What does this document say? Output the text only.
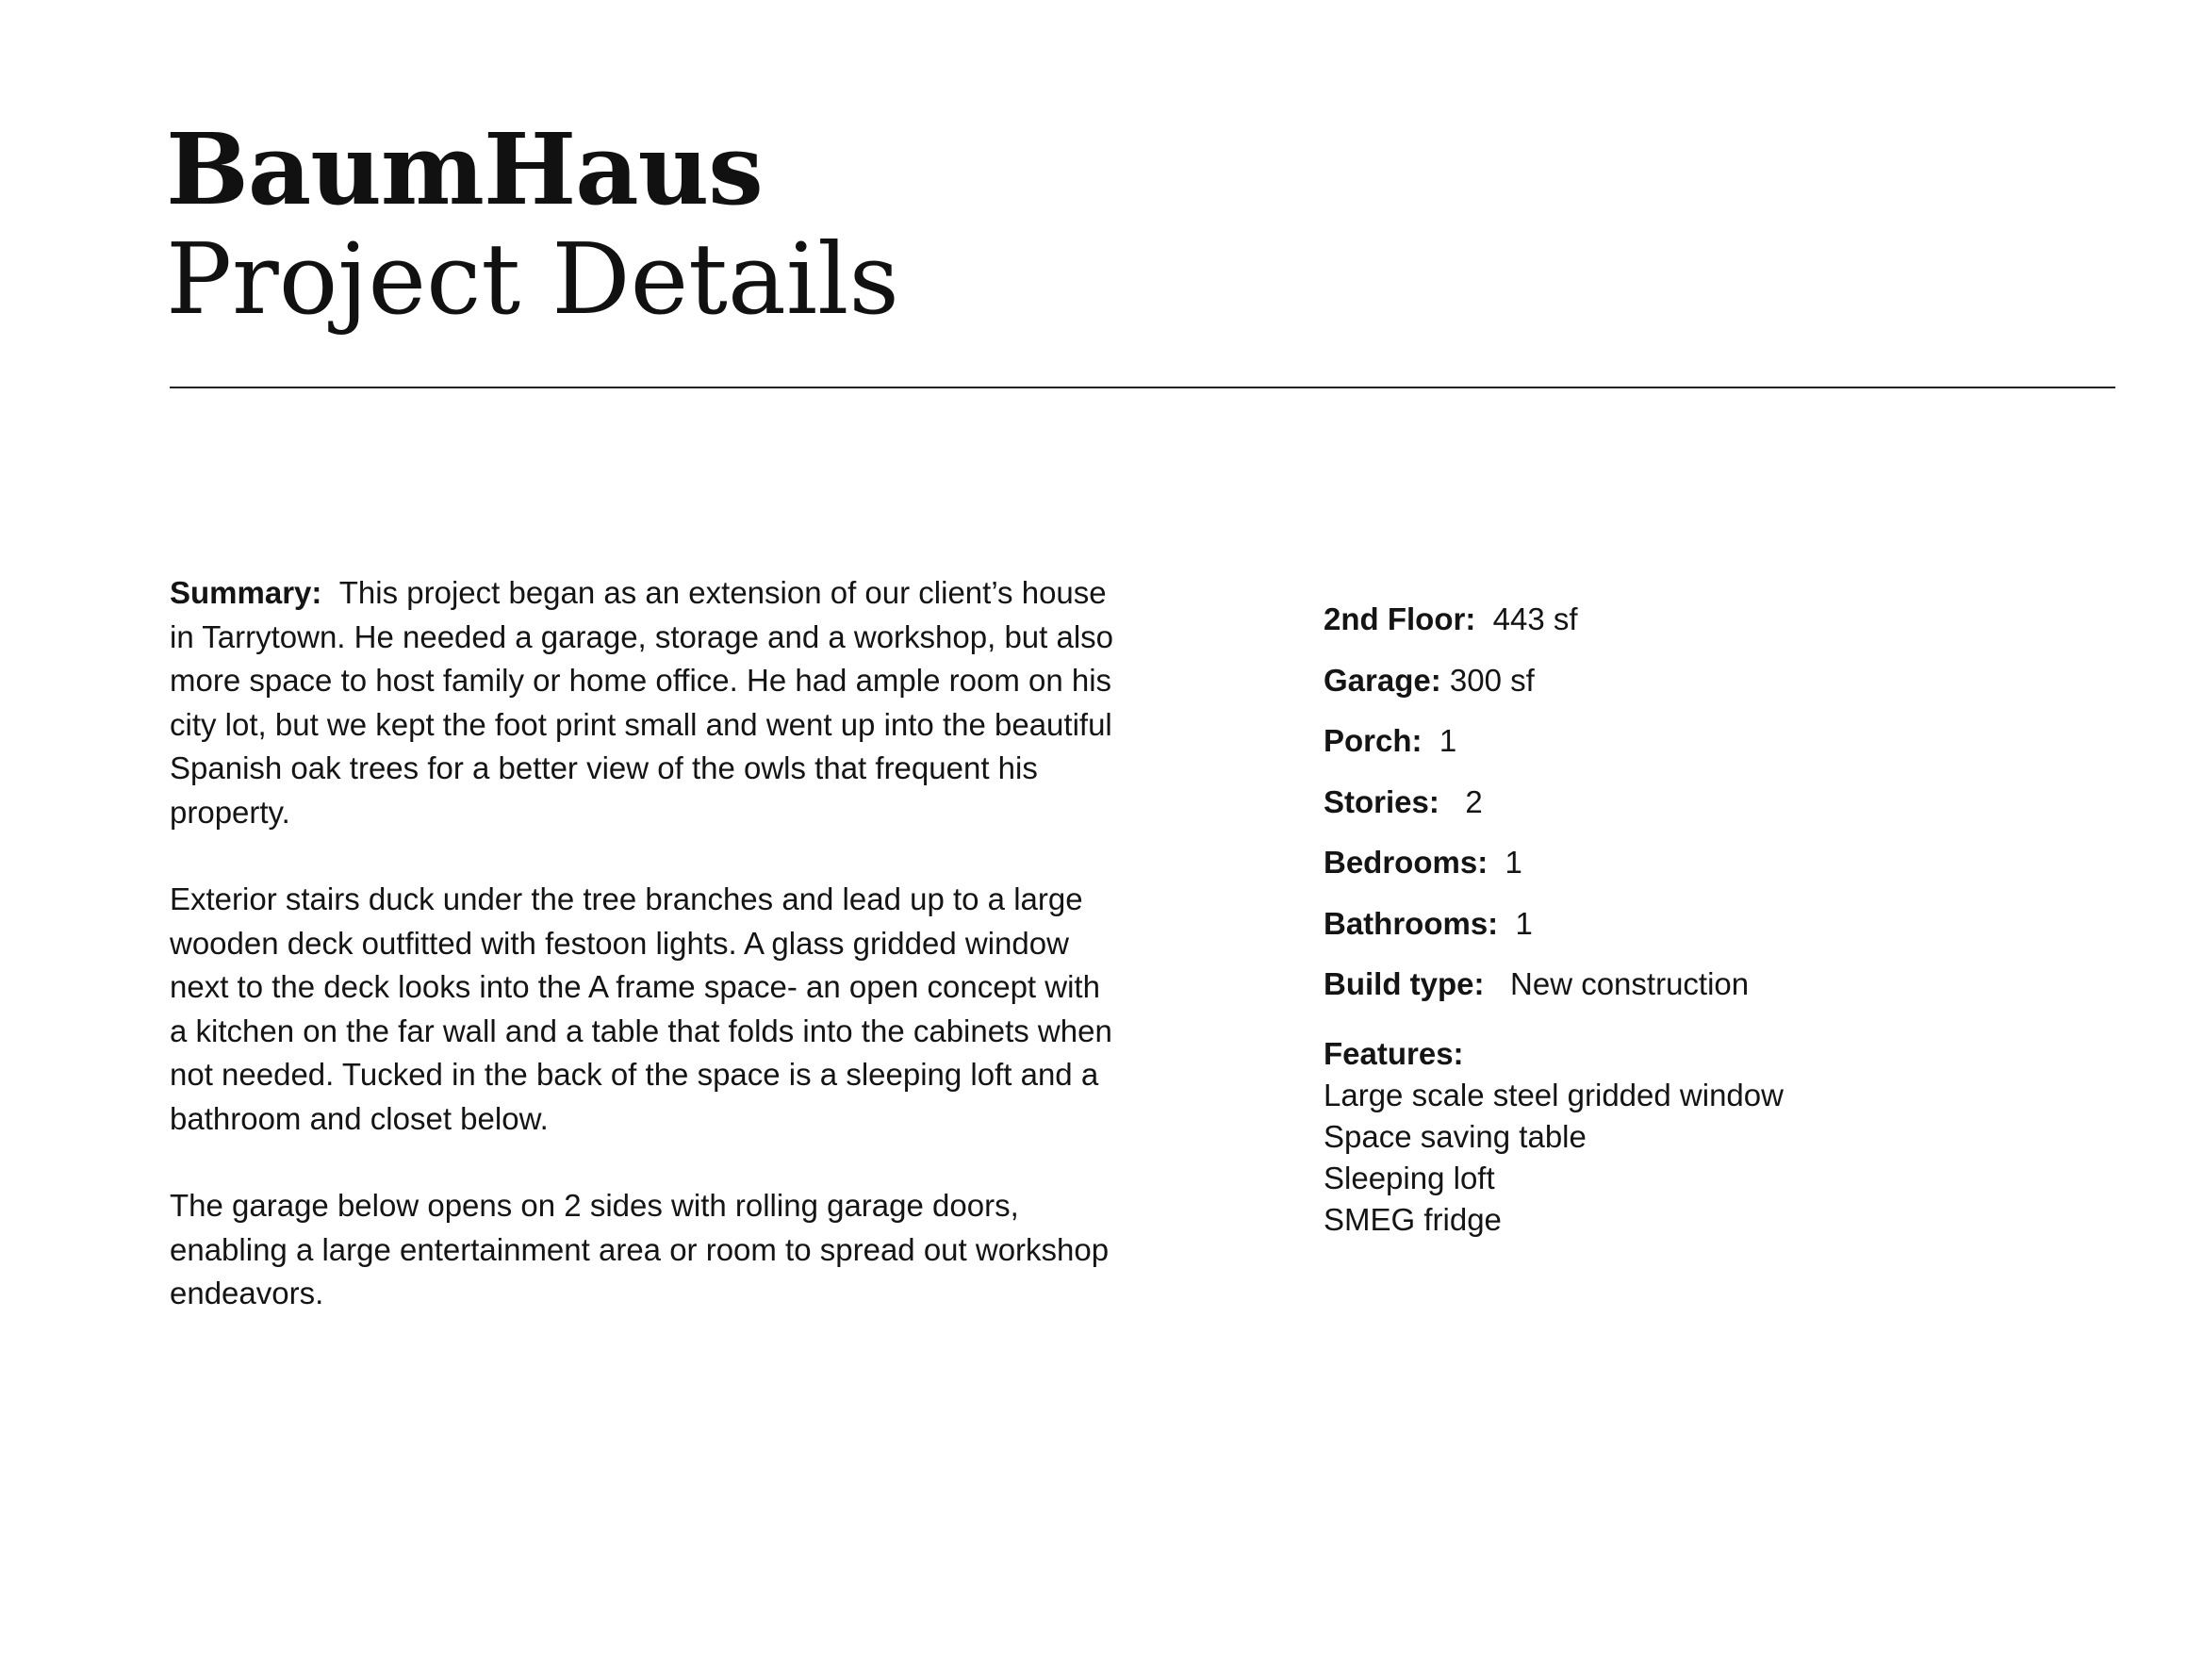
BaumHaus
Project Details

Summary: This project began as an extension of our client’s house in Tarrytown. He needed a garage, storage and a workshop, but also more space to host family or home office. He had ample room on his city lot, but we kept the foot print small and went up into the beautiful Spanish oak trees for a better view of the owls that frequent his property.

Exterior stairs duck under the tree branches and lead up to a large wooden deck outfitted with festoon lights. A glass gridded window next to the deck looks into the A frame space- an open concept with a kitchen on the far wall and a table that folds into the cabinets when not needed. Tucked in the back of the space is a sleeping loft and a bathroom and closet below.

The garage below opens on 2 sides with rolling garage doors, enabling a large entertainment area or room to spread out workshop endeavors.

2nd Floor: 443 sf
Garage: 300 sf
Porch: 1
Stories: 2
Bedrooms: 1
Bathrooms: 1
Build type: New construction
Features:
Large scale steel gridded window
Space saving table
Sleeping loft
SMEG fridge
